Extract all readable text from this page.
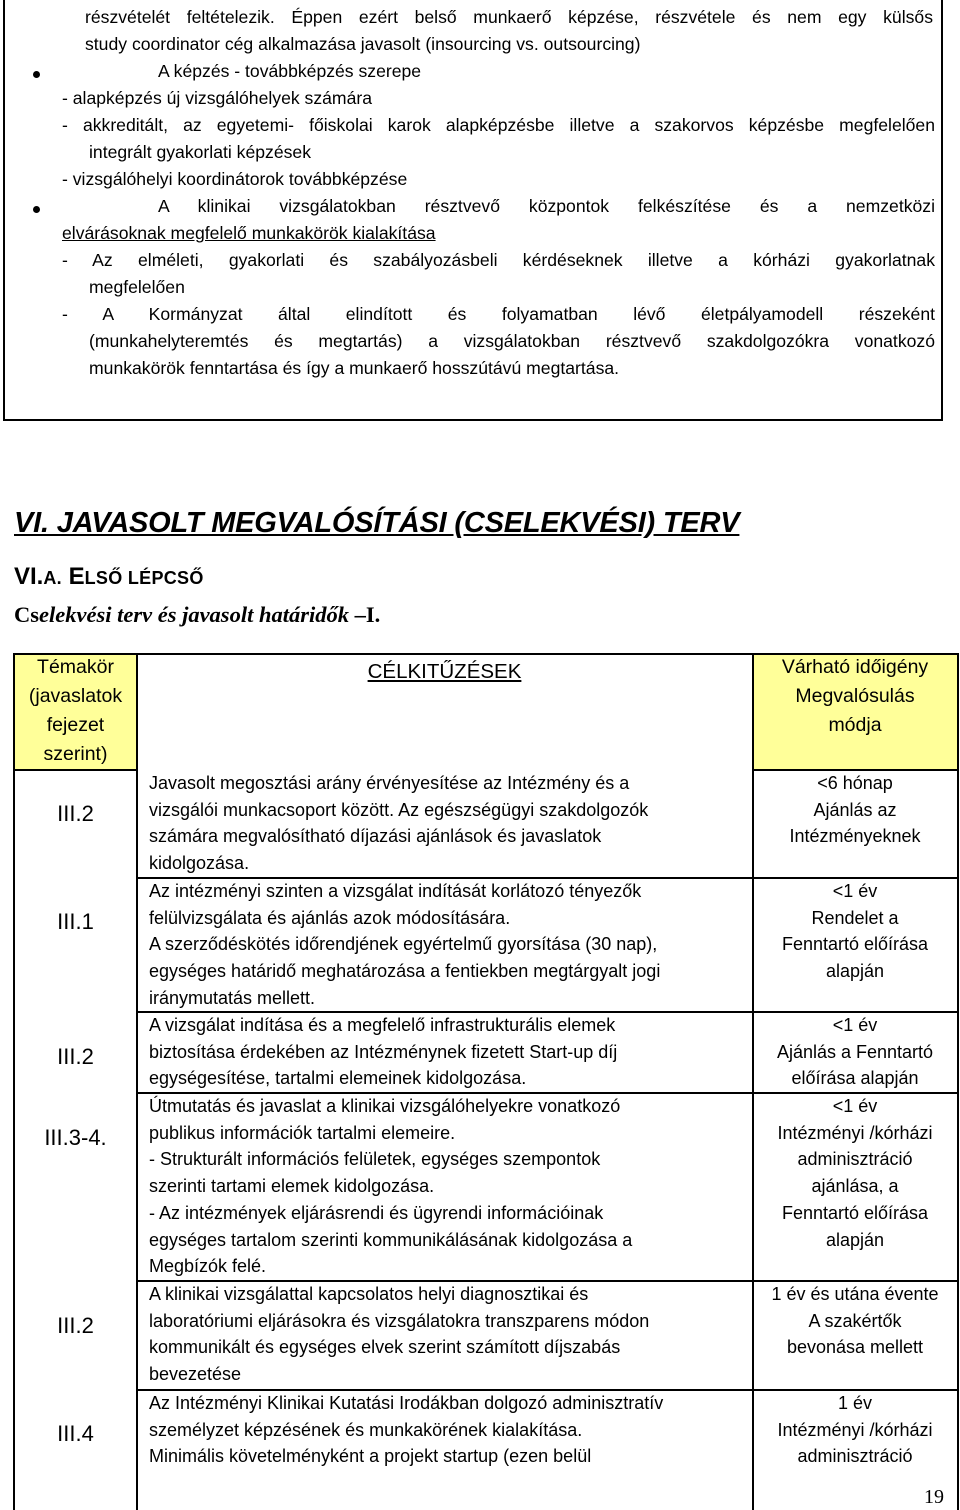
részvételét feltételezik. Éppen ezért belső munkaerő képzése, részvétele és nem egy külsős
study coordinator cég alkalmazása javasolt (insourcing vs. outsourcing)
A képzés - továbbképzés szerepe
- alapképzés új vizsgálóhelyek számára
- akkreditált, az egyetemi- főiskolai karok alapképzésbe illetve a szakorvos képzésbe megfelelően
integrált gyakorlati képzések
- vizsgálóhelyi koordinátorok továbbképzése
A klinikai vizsgálatokban résztvevő központok felkészítése és a nemzetközi
elvárásoknak megfelelő munkakörök kialakítása
- Az elméleti, gyakorlati és szabályozásbeli kérdéseknek illetve a kórházi gyakorlatnak
megfelelően
- A Kormányzat által elindított és folyamatban lévő életpályamodell részeként
(munkahelyteremtés és megtartás) a vizsgálatokban résztvevő szakdolgozókra vonatkozó
munkakörök fenntartása és így a munkaerő hosszútávú megtartása.
VI. JAVASOLT MEGVALÓSÍTÁSI (CSELEKVÉSI) TERV
VI.A. ELSŐ LÉPCSŐ
Cselekvési terv és javasolt határidők –I.
Témakör
(javaslatok
fejezet
szerint)
CÉLKITŰZÉSEK	Várható időigény
Megvalósulás
módja
III.2
Javasolt megosztási arány érvényesítése az Intézmény és a
vizsgálói munkacsoport között. Az egészségügyi szakdolgozók
számára megvalósítható díjazási ajánlások és javaslatok
kidolgozása.
<6 hónap
Ajánlás az
Intézményeknek
III.1
Az intézményi szinten a vizsgálat indítását korlátozó tényezők
felülvizsgálata és ajánlás azok módosítására.
A szerződéskötés időrendjének egyértelmű gyorsítása (30 nap),
egységes határidő meghatározása a fentiekben megtárgyalt jogi
iránymutatás mellett.
<1 év
Rendelet a
Fenntartó előírása
alapján
III.2
A vizsgálat indítása és a megfelelő infrastrukturális elemek
biztosítása érdekében az Intézménynek fizetett Start-up díj
egységesítése, tartalmi elemeinek kidolgozása.
<1 év
Ajánlás a Fenntartó
előírása alapján
III.3-4.
Útmutatás és javaslat a klinikai vizsgálóhelyekre vonatkozó
publikus információk tartalmi elemeire.
- Strukturált információs felületek, egységes szempontok
szerinti tartami elemek kidolgozása.
- Az intézmények eljárásrendi és ügyrendi információinak
egységes tartalom szerinti kommunikálásának kidolgozása a
Megbízók felé.
<1 év
Intézményi /kórházi
adminisztráció
ajánlása, a
Fenntartó előírása
alapján
III.2
A klinikai vizsgálattal kapcsolatos helyi diagnosztikai és
laboratóriumi eljárásokra és vizsgálatokra transzparens módon
kommunikált és egységes elvek szerint számított díjszabás
bevezetése
1 év és utána évente
A szakértők
bevonása mellett
III.4
Az Intézményi Klinikai Kutatási Irodákban dolgozó adminisztratív
személyzet képzésének és munkakörének kialakítása.
Minimális követelményként a projekt startup (ezen belül
1 év
Intézményi /kórházi
adminisztráció
19
